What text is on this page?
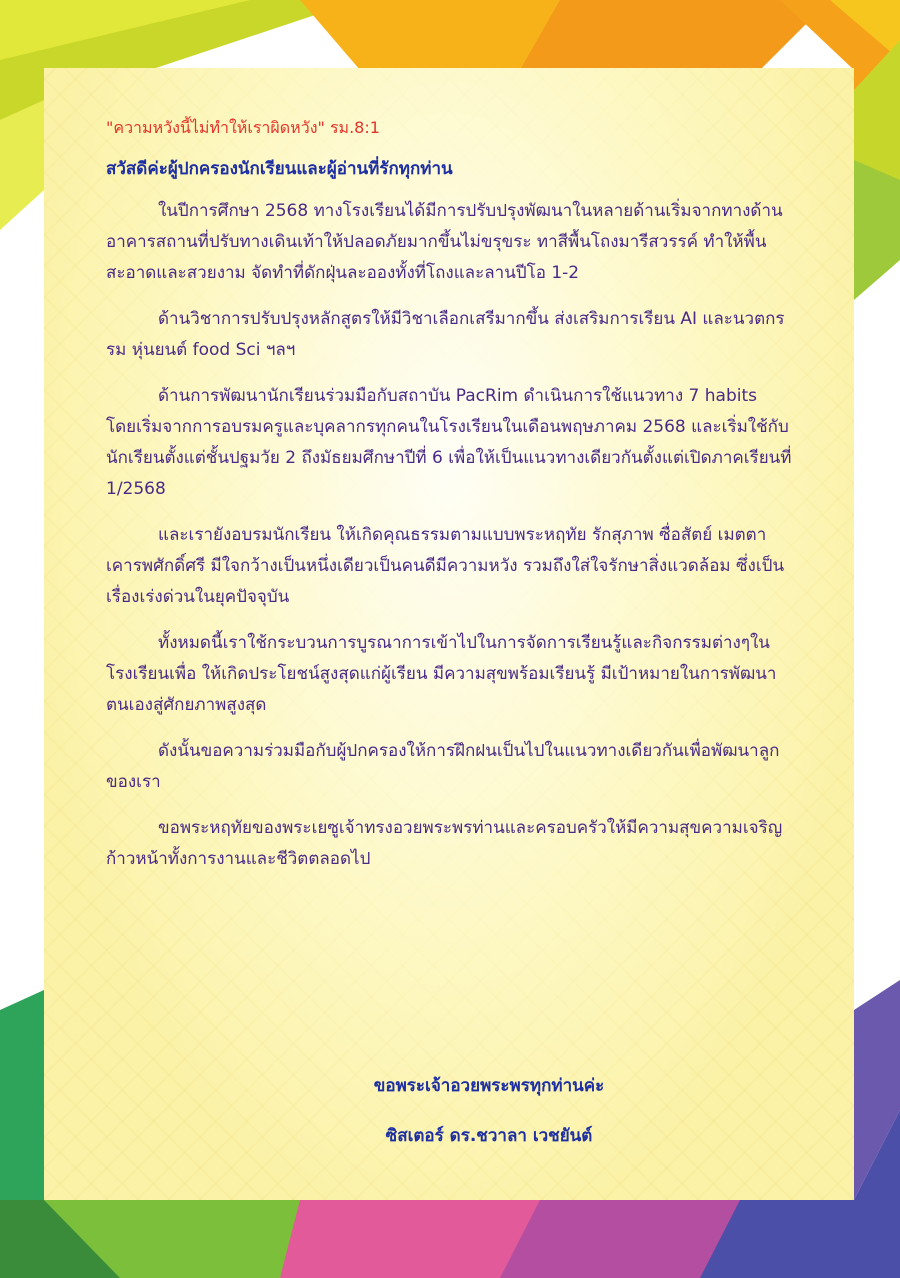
"ความหวังนี้ไม่ทำให้เราผิดหวัง" รม.8:1

สวัสดีค่ะผู้ปกครองนักเรียนและผู้อ่านที่รักทุกท่าน

ในปีการศึกษา 2568 ทางโรงเรียนได้มีการปรับปรุงพัฒนาในหลายด้านเริ่มจากทางด้านอาคารสถานที่ปรับทางเดินเท้าให้ปลอดภัยมากขึ้นไม่ขรุขระ ทาสีพื้นโถงมารีสวรรค์ ทำให้พื้นสะอาดและสวยงาม จัดทำที่ดักฝุ่นละอองทั้งที่โถงและลานปีโอ 1-2

ด้านวิชาการปรับปรุงหลักสูตรให้มีวิชาเลือกเสรีมากขึ้น ส่งเสริมการเรียน AI และนวตกรรม หุ่นยนต์ food Sci ฯลฯ

ด้านการพัฒนานักเรียนร่วมมือกับสถาบัน PacRim ดำเนินการใช้แนวทาง 7 habits โดยเริ่มจากการอบรมครูและบุคลากรทุกคนในโรงเรียนในเดือนพฤษภาคม 2568 และเริ่มใช้กับนักเรียนตั้งแต่ชั้นปฐมวัย 2 ถึงมัธยมศึกษาปีที่ 6 เพื่อให้เป็นแนวทางเดียวกันตั้งแต่เปิดภาคเรียนที่ 1/2568

และเรายังอบรมนักเรียน ให้เกิดคุณธรรมตามแบบพระหฤทัย รักสุภาพ ซื่อสัตย์ เมตตาเคารพศักดิ์ศรี มีใจกว้างเป็นหนึ่งเดียวเป็นคนดีมีความหวัง รวมถึงใส่ใจรักษาสิ่งแวดล้อม ซึ่งเป็นเรื่องเร่งด่วนในยุคปัจจุบัน

ทั้งหมดนี้เราใช้กระบวนการบูรณาการเข้าไปในการจัดการเรียนรู้และกิจกรรมต่างๆในโรงเรียนเพื่อ ให้เกิดประโยชน์สูงสุดแก่ผู้เรียน มีความสุขพร้อมเรียนรู้ มีเป้าหมายในการพัฒนาตนเองสู่ศักยภาพสูงสุด

ดังนั้นขอความร่วมมือกับผู้ปกครองให้การฝึกฝนเป็นไปในแนวทางเดียวกันเพื่อพัฒนาลูกของเรา

ขอพระหฤทัยของพระเยซูเจ้าทรงอวยพระพรท่านและครอบครัวให้มีความสุขความเจริญก้าวหน้าทั้งการงานและชีวิตตลอดไป

ขอพระเจ้าอวยพระพรทุกท่านค่ะ
ซิสเตอร์ ดร.ชวาลา เวชยันต์
